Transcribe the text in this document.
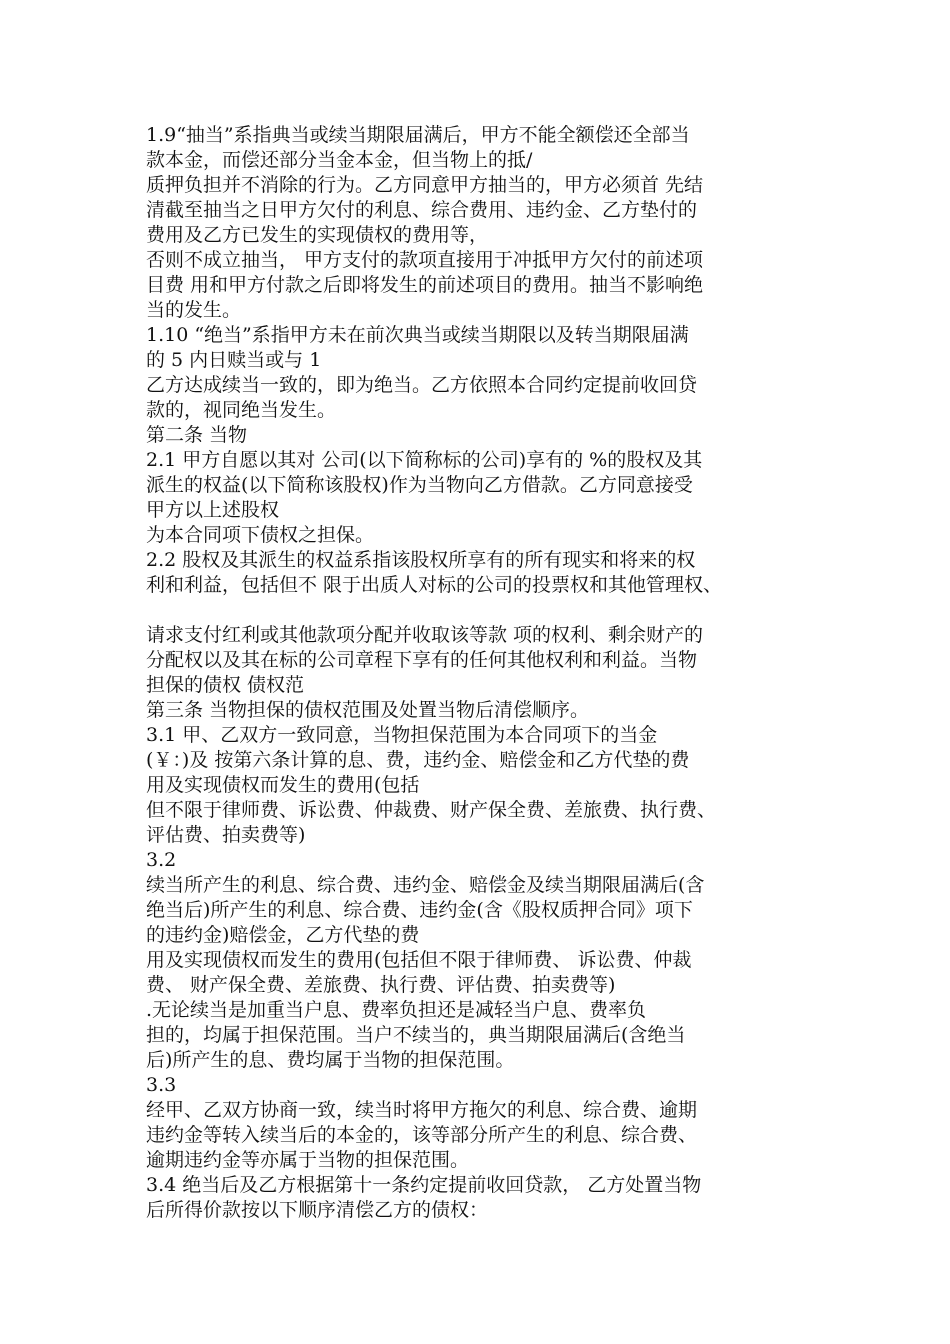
1.9“抽当”系指典当或续当期限届满后，甲方不能全额偿还全部当
款本金，而偿还部分当金本金，但当物上的抵/
质押负担并不消除的行为。乙方同意甲方抽当的，甲方必须首 先结
清截至抽当之日甲方欠付的利息、综合费用、违约金、乙方垫付的
费用及乙方已发生的实现债权的费用等，
否则不成立抽当， 甲方支付的款项直接用于冲抵甲方欠付的前述项
目费 用和甲方付款之后即将发生的前述项目的费用。抽当不影响绝
当的发生。
1.10 “绝当”系指甲方未在前次典当或续当期限以及转当期限届满
的 5 内日赎当或与 1
乙方达成续当一致的，即为绝当。乙方依照本合同约定提前收回贷
款的，视同绝当发生。
第二条 当物
2.1 甲方自愿以其对 公司(以下简称标的公司)享有的 %的股权及其
派生的权益(以下简称该股权)作为当物向乙方借款。乙方同意接受
甲方以上述股权
为本合同项下债权之担保。
2.2 股权及其派生的权益系指该股权所享有的所有现实和将来的权
利和利益，包括但不 限于出质人对标的公司的投票权和其他管理权、
请求支付红利或其他款项分配并收取该等款 项的权利、剩余财产的
分配权以及其在标的公司章程下享有的任何其他权利和利益。当物
担保的债权 债权范
第三条 当物担保的债权范围及处置当物后清偿顺序。
3.1 甲、乙双方一致同意，当物担保范围为本合同项下的当金
(￥：)及 按第六条计算的息、费，违约金、赔偿金和乙方代垫的费
用及实现债权而发生的费用(包括
但不限于律师费、诉讼费、仲裁费、财产保全费、差旅费、执行费、
评估费、拍卖费等)
3.2
续当所产生的利息、综合费、违约金、赔偿金及续当期限届满后(含
绝当后)所产生的利息、综合费、违约金(含《股权质押合同》项下
的违约金)赔偿金，乙方代垫的费
用及实现债权而发生的费用(包括但不限于律师费、 诉讼费、仲裁
费、 财产保全费、差旅费、执行费、评估费、拍卖费等)
.无论续当是加重当户息、费率负担还是减轻当户息、费率负
担的，均属于担保范围。当户不续当的，典当期限届满后(含绝当
后)所产生的息、费均属于当物的担保范围。
3.3
经甲、乙双方协商一致，续当时将甲方拖欠的利息、综合费、逾期
违约金等转入续当后的本金的，该等部分所产生的利息、综合费、
逾期违约金等亦属于当物的担保范围。
3.4 绝当后及乙方根据第十一条约定提前收回贷款， 乙方处置当物
后所得价款按以下顺序清偿乙方的债权：
